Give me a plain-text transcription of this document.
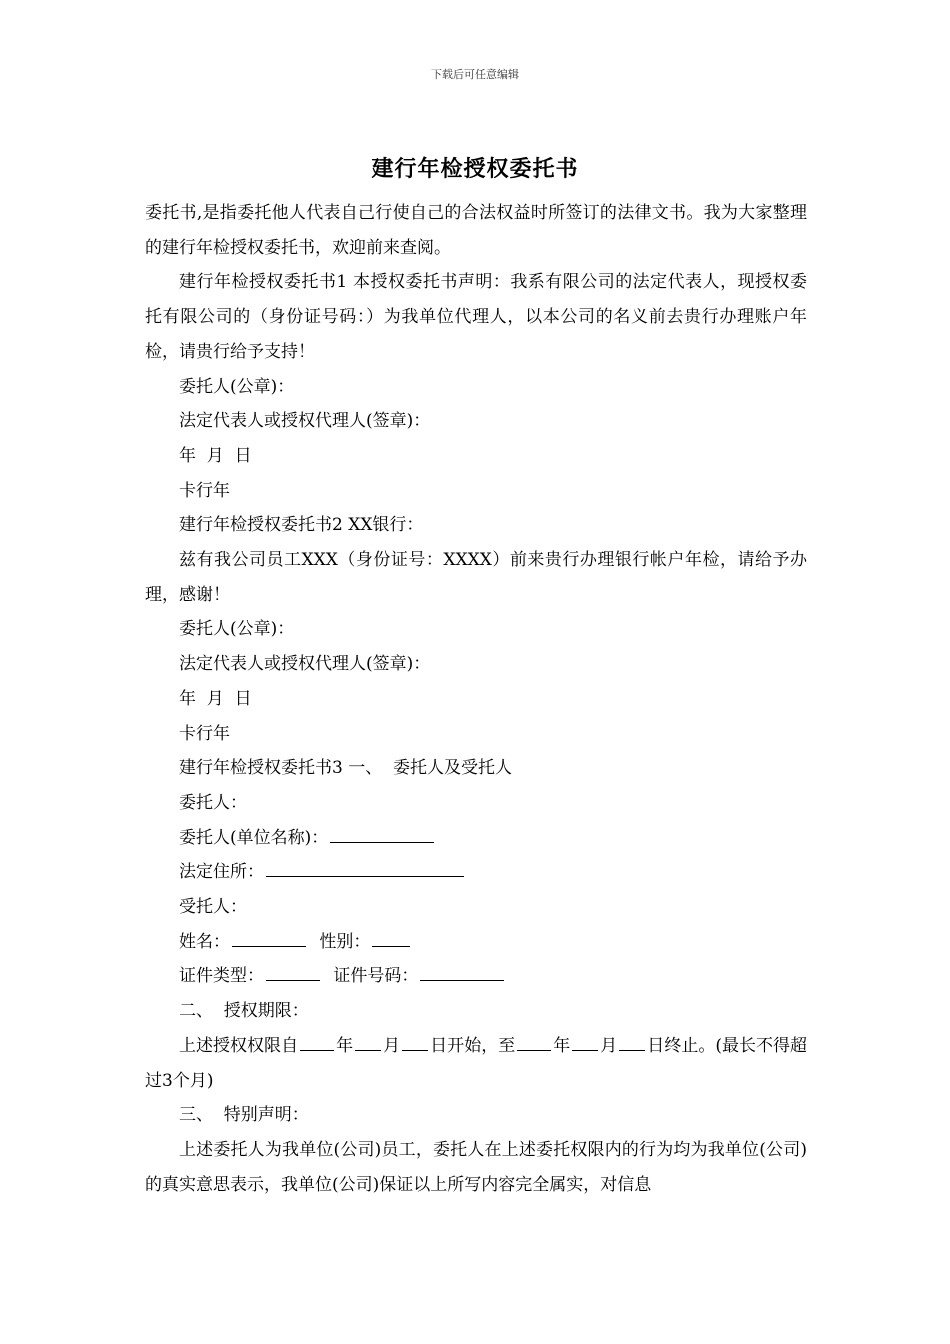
下载后可任意编辑
建行年检授权委托书

委托书,是指委托他人代表自己行使自己的合法权益时所签订的法律文书。我为大家整理的建行年检授权委托书，欢迎前来查阅。

建行年检授权委托书1 本授权委托书声明：我系有限公司的法定代表人，现授权委托有限公司的（身份证号码：）为我单位代理人，以本公司的名义前去贵行办理账户年检，请贵行给予支持！

委托人(公章)：

法定代表人或授权代理人(签章)：

年  月  日

卡行年

建行年检授权委托书2 XX银行：

兹有我公司员工XXX（身份证号：XXXX）前来贵行办理银行帐户年检，请给予办理，感谢！

委托人(公章)：

法定代表人或授权代理人(签章)：

年  月  日

卡行年

建行年检授权委托书3 一、  委托人及受托人

委托人：

委托人(单位名称)：

法定住所：

受托人：

姓名：	性别：

证件类型：	证件号码：

二、  授权期限：

上述授权权限自 年 月 日开始，至 年 月 日终止。(最长不得超过3个月)

三、  特别声明：

上述委托人为我单位(公司)员工，委托人在上述委托权限内的行为均为我单位(公司)的真实意思表示，我单位(公司)保证以上所写内容完全属实，对信息
